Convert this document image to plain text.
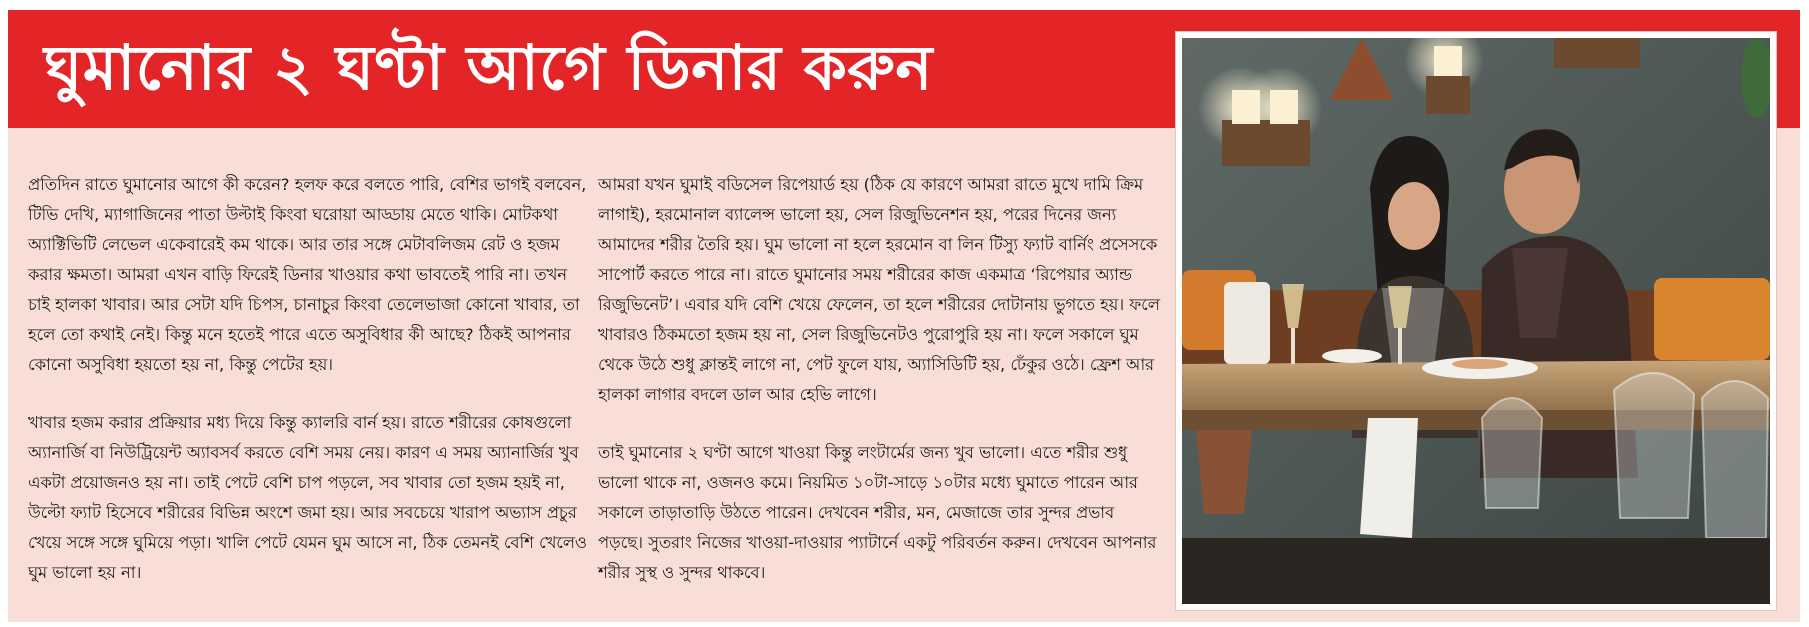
ঘুমানোর ২ ঘণ্টা আগে ডিনার করুন

প্রতিদিন রাতে ঘুমানোর আগে কী করেন? হলফ করে বলতে পারি, বেশির ভাগই বলবেন, টিভি দেখি, ম্যাগাজিনের পাতা উল্টাই কিংবা ঘরোয়া আড্ডায় মেতে থাকি। মোটকথা অ্যাক্টিভিটি লেভেল একেবারেই কম থাকে। আর তার সঙ্গে মেটাবলিজম রেট ও হজম করার ক্ষমতা। আমরা এখন বাড়ি ফিরেই ডিনার খাওয়ার কথা ভাবতেই পারি না। তখন চাই হালকা খাবার। আর সেটা যদি চিপস, চানাচুর কিংবা তেলেভাজা কোনো খাবার, তা হলে তো কথাই নেই। কিন্তু মনে হতেই পারে এতে অসুবিধার কী আছে? ঠিকই আপনার কোনো অসুবিধা হয়তো হয় না, কিন্তু পেটের হয়।

খাবার হজম করার প্রক্রিয়ার মধ্য দিয়ে কিন্তু ক্যালরি বার্ন হয়। রাতে শরীরের কোষগুলো অ্যানার্জি বা নিউট্রিয়েন্ট অ্যাবসর্ব করতে বেশি সময় নেয়। কারণ এ সময় অ্যানার্জির খুব একটা প্রয়োজনও হয় না। তাই পেটে বেশি চাপ পড়লে, সব খাবার তো হজম হয়ই না, উল্টো ফ্যাট হিসেবে শরীরের বিভিন্ন অংশে জমা হয়। আর সবচেয়ে খারাপ অভ্যাস প্রচুর খেয়ে সঙ্গে সঙ্গে ঘুমিয়ে পড়া। খালি পেটে যেমন ঘুম আসে না, ঠিক তেমনই বেশি খেলেও ঘুম ভালো হয় না।

আমরা যখন ঘুমাই বডিসেল রিপেয়ার্ড হয় (ঠিক যে কারণে আমরা রাতে মুখে দামি ক্রিম লাগাই), হরমোনাল ব্যালেন্স ভালো হয়, সেল রিজুভিনেশন হয়, পরের দিনের জন্য আমাদের শরীর তৈরি হয়। ঘুম ভালো না হলে হরমোন বা লিন টিস্যু ফ্যাট বার্নিং প্রসেসকে সাপোর্ট করতে পারে না। রাতে ঘুমানোর সময় শরীরের কাজ একমাত্র ‘রিপেয়ার অ্যান্ড রিজুভিনেট’। এবার যদি বেশি খেয়ে ফেলেন, তা হলে শরীরের দোটানায় ভুগতে হয়। ফলে খাবারও ঠিকমতো হজম হয় না, সেল রিজুভিনেটও পুরোপুরি হয় না। ফলে সকালে ঘুম থেকে উঠে শুধু ক্লান্তই লাগে না, পেট ফুলে যায়, অ্যাসিডিটি হয়, ঢেঁকুর ওঠে। ফ্রেশ আর হালকা লাগার বদলে ডাল আর হেভি লাগে।

তাই ঘুমানোর ২ ঘণ্টা আগে খাওয়া কিন্তু লংটার্মের জন্য খুব ভালো। এতে শরীর শুধু ভালো থাকে না, ওজনও কমে। নিয়মিত ১০টা-সাড়ে ১০টার মধ্যে ঘুমাতে পারেন আর সকালে তাড়াতাড়ি উঠতে পারেন। দেখবেন শরীর, মন, মেজাজে তার সুন্দর প্রভাব পড়ছে। সুতরাং নিজের খাওয়া-দাওয়ার প্যাটার্নে একটু পরিবর্তন করুন। দেখবেন আপনার শরীর সুস্থ ও সুন্দর থাকবে।
